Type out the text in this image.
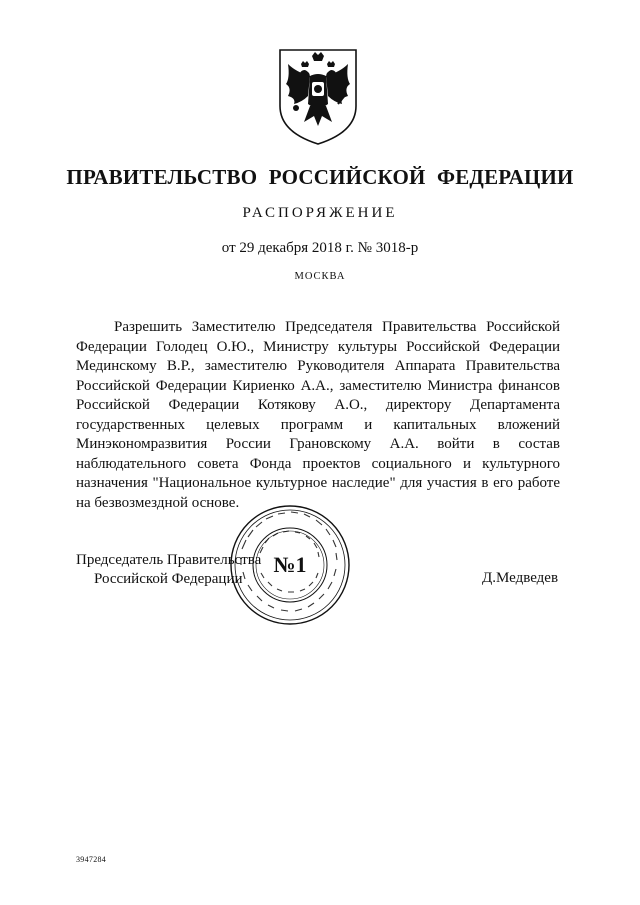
ПРАВИТЕЛЬСТВО РОССИЙСКОЙ ФЕДЕРАЦИИ
РАСПОРЯЖЕНИЕ
от 29 декабря 2018 г. № 3018-р
МОСКВА
Разрешить Заместителю Председателя Правительства Российской Федерации Голодец О.Ю., Министру культуры Российской Федерации Мединскому В.Р., заместителю Руководителя Аппарата Правительства Российской Федерации Кириенко А.А., заместителю Министра финансов Российской Федерации Котякову А.О., директору Департамента государственных целевых программ и капитальных вложений Минэкономразвития России Грановскому А.А. войти в состав наблюдательного совета Фонда проектов социального и культурного назначения "Национальное культурное наследие" для участия в его работе на безвозмездной основе.
Председатель Правительства
Российской Федерации
№1
Д.Медведев
3947284
